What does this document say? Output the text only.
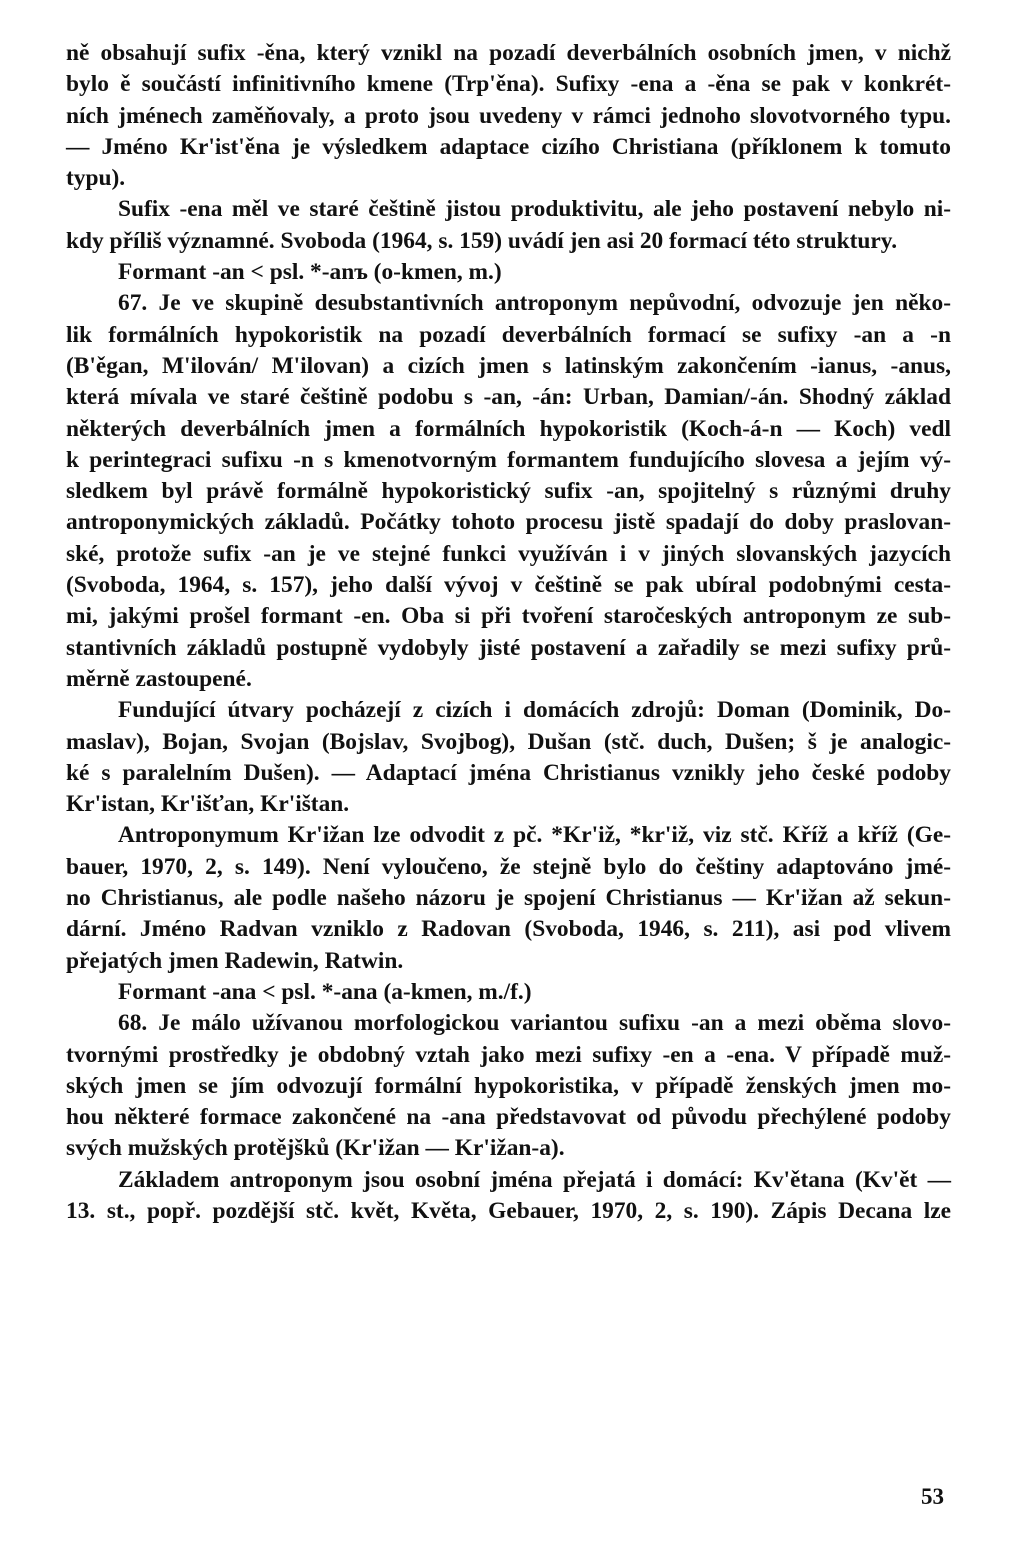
ně obsahují sufix -ěna, který vznikl na pozadí deverbálních osobních jmen, v nichž
bylo ě součástí infinitivního kmene (Trp'ěna). Sufixy -ena a -ěna se pak v konkrét-
ních jménech zaměňovaly, a proto jsou uvedeny v rámci jednoho slovotvorného typu.
— Jméno Kr'ist'ěna je výsledkem adaptace cizího Christiana (příklonem k tomuto
typu).

Sufix -ena měl ve staré češtině jistou produktivitu, ale jeho postavení nebylo ni-
kdy příliš významné. Svoboda (1964, s. 159) uvádí jen asi 20 formací této struktury.

Formant -an < psl. *-anъ (o-kmen, m.)

67. Je ve skupině desubstantivních antroponym nepůvodní, odvozuje jen něko-
lik formálních hypokoristik na pozadí deverbálních formací se sufixy -an a -n
(B'ěgan, M'ilován/ M'ilovan) a cizích jmen s latinským zakončením -ianus, -anus,
která mívala ve staré češtině podobu s -an, -án: Urban, Damian/-án. Shodný základ
některých deverbálních jmen a formálních hypokoristik (Koch-á-n — Koch) vedl
k perintegraci sufixu -n s kmenotvorným formantem fundujícího slovesa a jejím vý-
sledkem byl právě formálně hypokoristický sufix -an, spojitelný s různými druhy
antroponymických základů. Počátky tohoto procesu jistě spadají do doby praslovan-
ské, protože sufix -an je ve stejné funkci využíván i v jiných slovanských jazycích
(Svoboda, 1964, s. 157), jeho další vývoj v češtině se pak ubíral podobnými cesta-
mi, jakými prošel formant -en. Oba si při tvoření staročeských antroponym ze sub-
stantivních základů postupně vydobyly jisté postavení a zařadily se mezi sufixy prů-
měrně zastoupené.

Fundující útvary pocházejí z cizích i domácích zdrojů: Doman (Dominik, Do-
maslav), Bojan, Svojan (Bojslav, Svojbog), Dušan (stč. duch, Dušen; š je analogic-
ké s paralelním Dušen). — Adaptací jména Christianus vznikly jeho české podoby
Kr'istan, Kr'išťan, Kr'ištan.

Antroponymum Kr'ižan lze odvodit z pč. *Kr'iž, *kr'iž, viz stč. Kříž a kříž (Ge-
bauer, 1970, 2, s. 149). Není vyloučeno, že stejně bylo do češtiny adaptováno jmé-
no Christianus, ale podle našeho názoru je spojení Christianus — Kr'ižan až sekun-
dární. Jméno Radvan vzniklo z Radovan (Svoboda, 1946, s. 211), asi pod vlivem
přejatých jmen Radewin, Ratwin.

Formant -ana < psl. *-ana (a-kmen, m./f.)

68. Je málo užívanou morfologickou variantou sufixu -an a mezi oběma slovo-
tvornými prostředky je obdobný vztah jako mezi sufixy -en a -ena. V případě muž-
ských jmen se jím odvozují formální hypokoristika, v případě ženských jmen mo-
hou některé formace zakončené na -ana představovat od původu přechýlené podoby
svých mužských protějšků (Kr'ižan — Kr'ižan-a).

Základem antroponym jsou osobní jména přejatá i domácí: Kv'ětana (Kv'ět —
13. st., popř. pozdější stč. květ, Květa, Gebauer, 1970, 2, s. 190). Zápis Decana lze

53
